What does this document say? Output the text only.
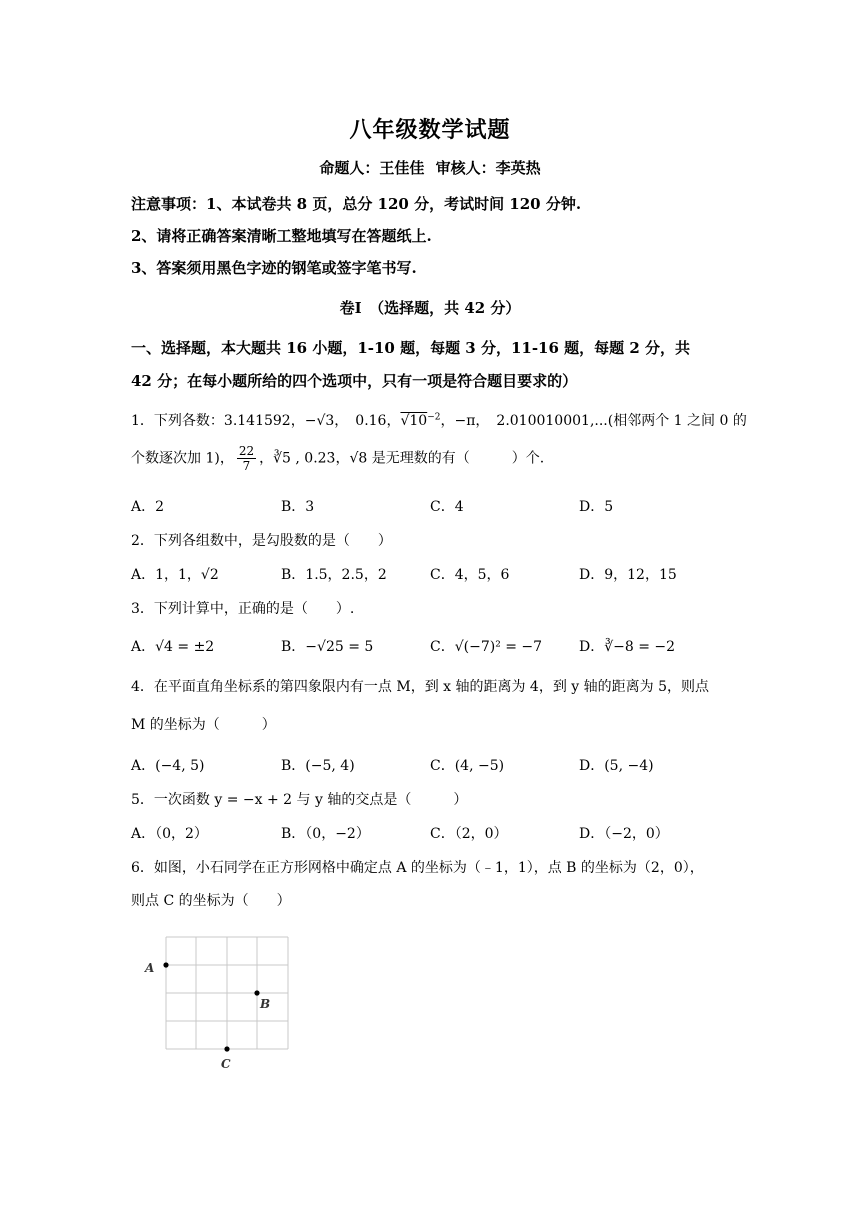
八年级数学试题
命题人：王佳佳 审核人：李英热
注意事项：1、本试卷共 8 页，总分 120 分，考试时间 120 分钟.
2、请将正确答案清晰工整地填写在答题纸上.
3、答案须用黑色字迹的钢笔或签字笔书写.
卷Ⅰ　（选择题，共 42 分）
一、选择题，本大题共 16 小题，1-10 题，每题 3 分，11-16 题，每题 2 分，共
42 分；在每小题所给的四个选项中，只有一项是符合题目要求的）
1．下列各数：3.141592，−√3，　0.16，$√10^{-2}$，−π，　2.010010001,...(相邻两个 1 之间 0 的
个数逐次加 1)， $\frac{22}{7}$ ，∛5 , 0.23̇，√8 是无理数的有（　　　）个.
A．2	B．3	C．4	D．5
2．下列各组数中，是勾股数的是（　　）
A．1，1，√2	B．1.5，2.5，2	C．4，5，6	D．9，12，15
3．下列计算中，正确的是（　　）.
A．√4 = ±2	B．−√25 = 5	C．√(−7)² = −7	D．∛−8 = −2
4．在平面直角坐标系的第四象限内有一点 M，到 x 轴的距离为 4，到 y 轴的距离为 5，则点
M 的坐标为（　　　）
A．(−4, 5)	B．(−5, 4)	C．(4, −5)	D．(5, −4)
5．一次函数 y = −x + 2 与 y 轴的交点是（　　　）
A．（0，2）	B．（0，−2）	C．（2，0）	D．（−2，0）
6．如图，小石同学在正方形网格中确定点 A 的坐标为（﹣1，1），点 B 的坐标为（2，0），
则点 C 的坐标为（　　）
A
B
C
